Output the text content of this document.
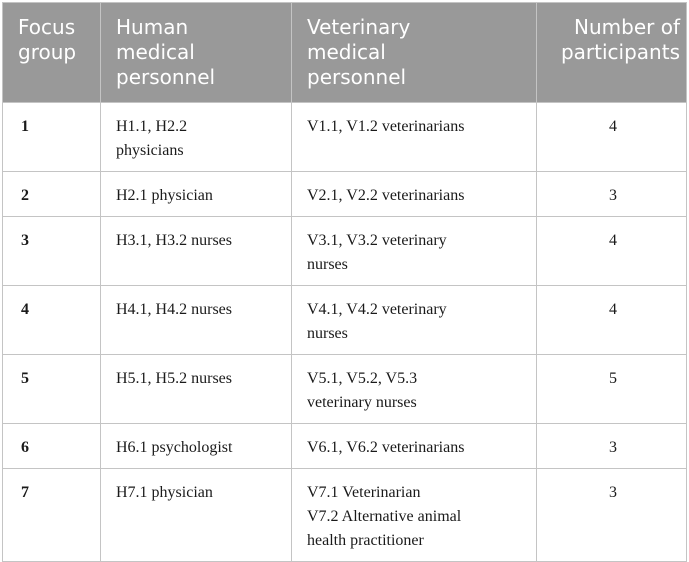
Focus
group	Human
medical
personnel	Veterinary
medical
personnel	Number of
participants

1	H1.1, H2.2
physicians	V1.1, V1.2 veterinarians	4
2	H2.1 physician	V2.1, V2.2 veterinarians	3
3	H3.1, H3.2 nurses	V3.1, V3.2 veterinary
nurses	4
4	H4.1, H4.2 nurses	V4.1, V4.2 veterinary
nurses	4
5	H5.1, H5.2 nurses	V5.1, V5.2, V5.3
veterinary nurses	5
6	H6.1 psychologist	V6.1, V6.2 veterinarians	3
7	H7.1 physician	V7.1 Veterinarian
V7.2 Alternative animal
health practitioner	3
